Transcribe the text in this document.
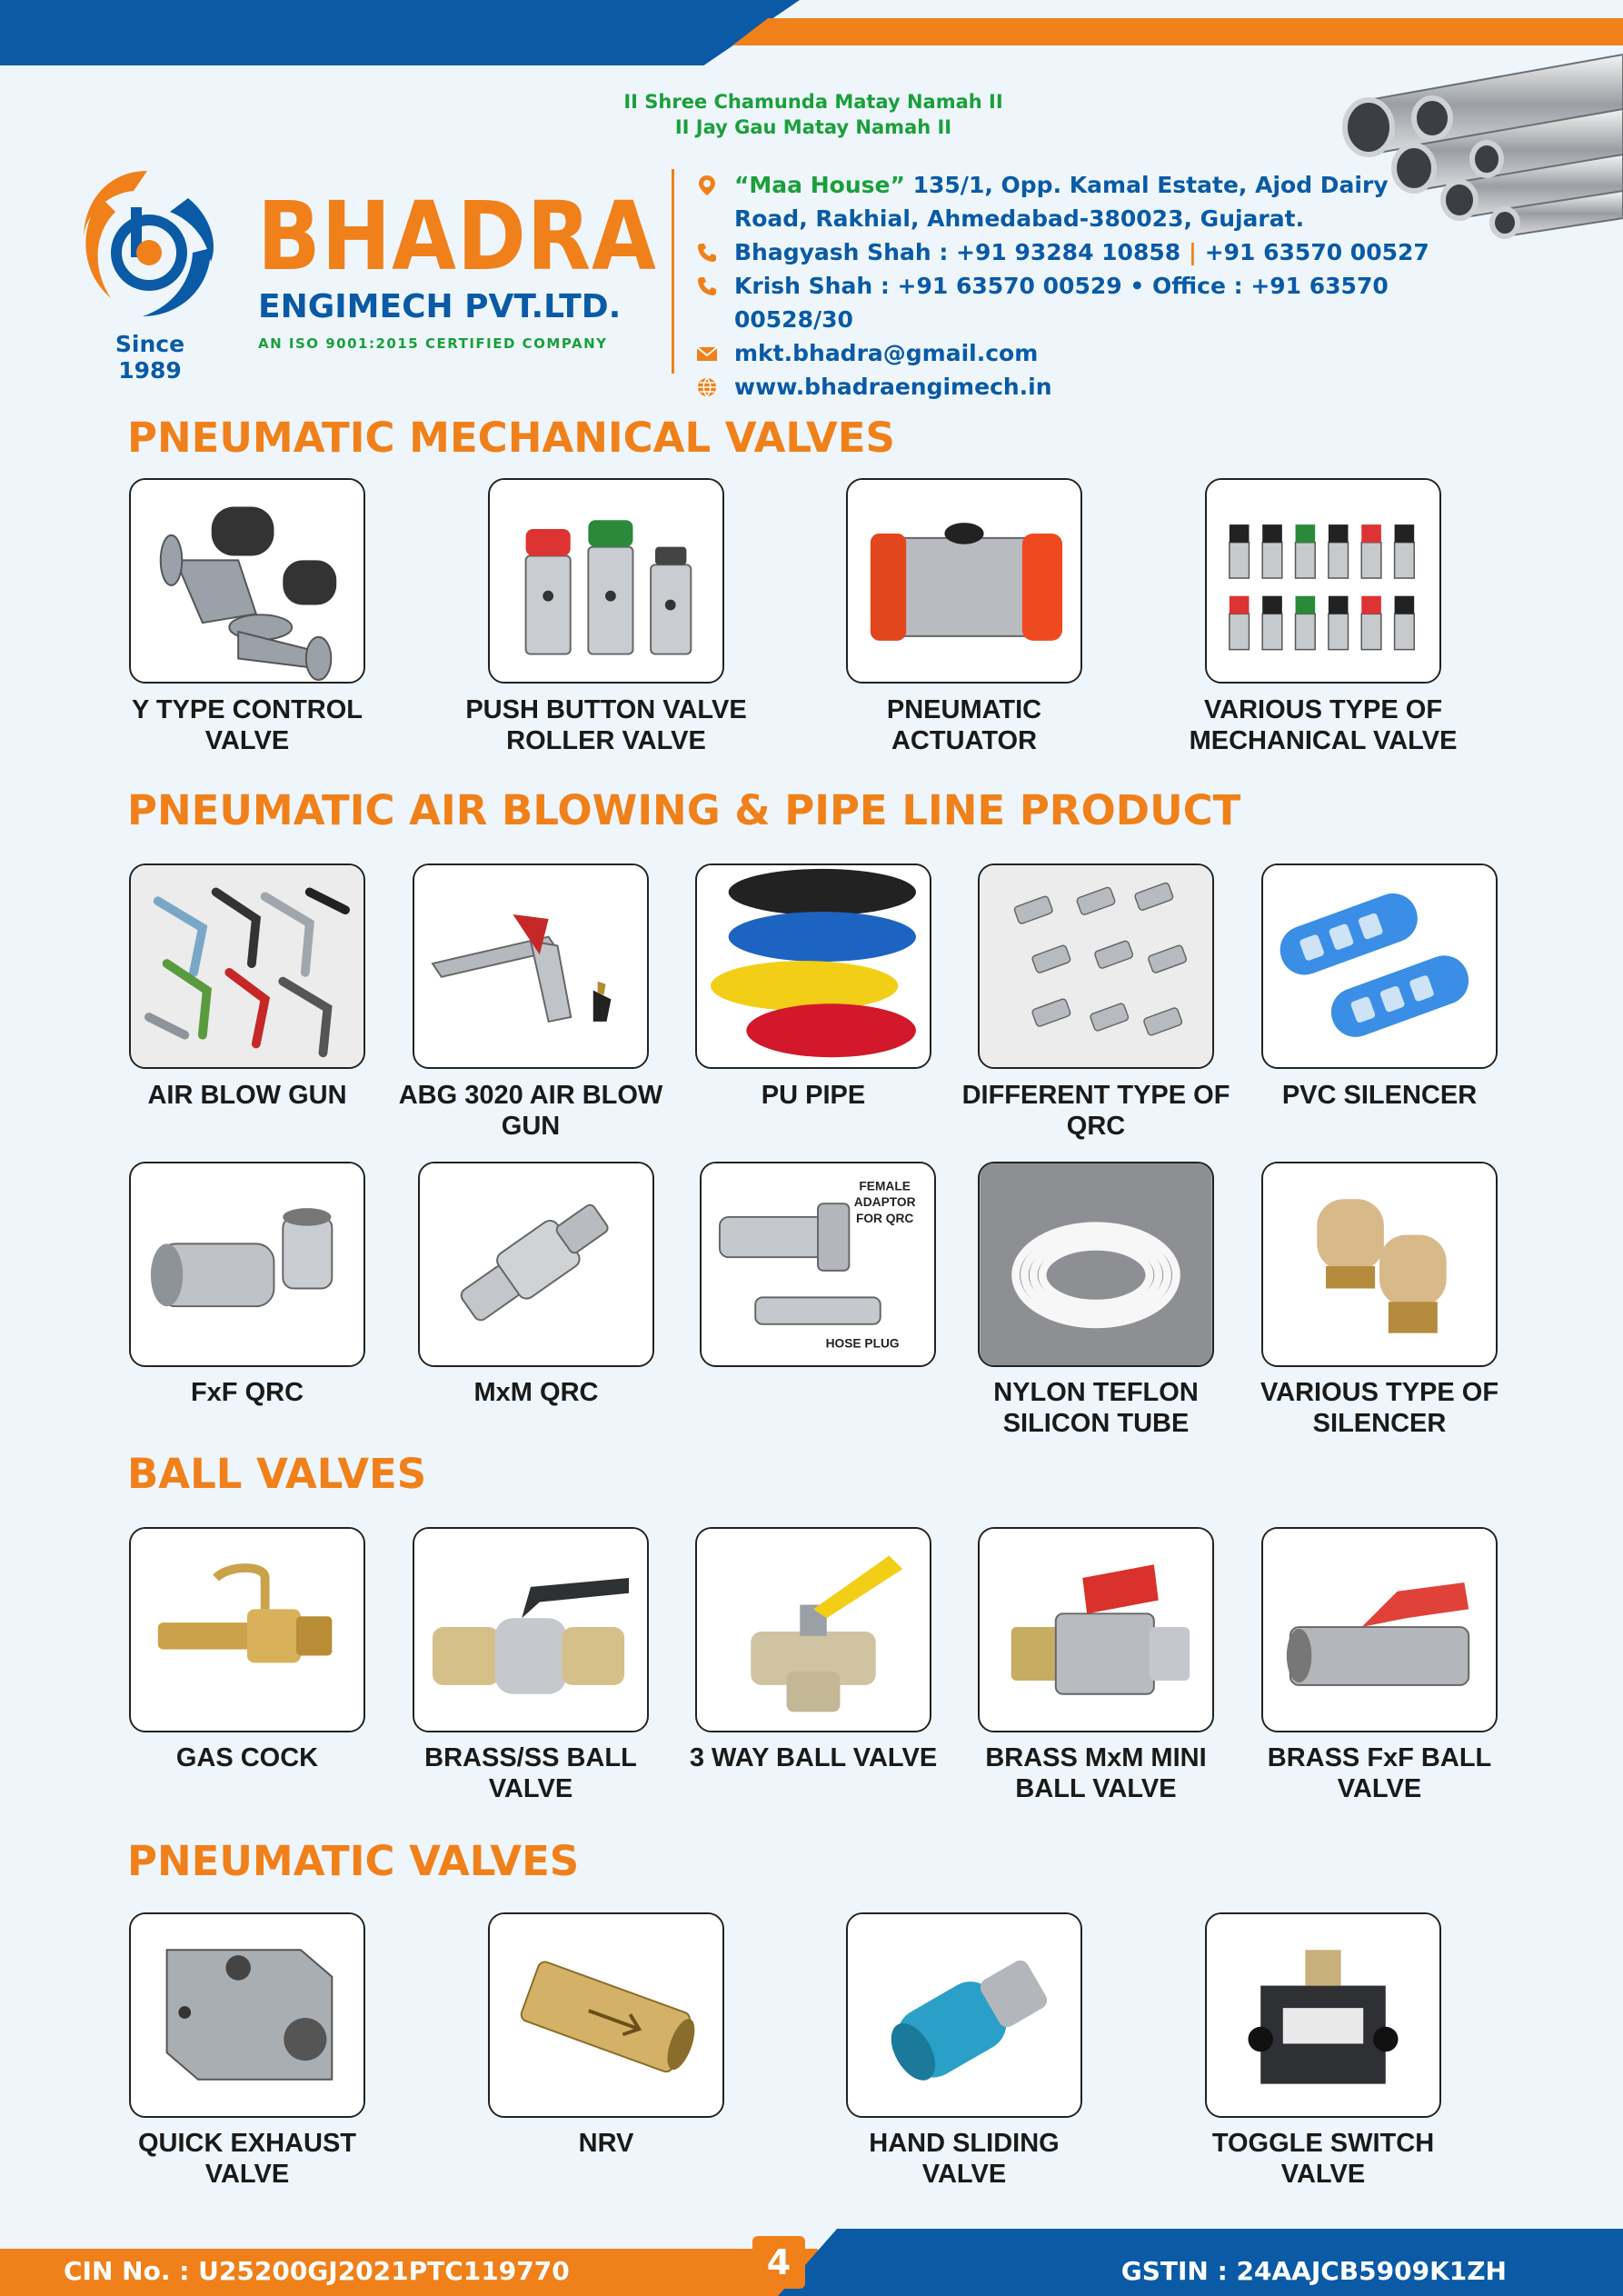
II Shree Chamunda Matay Namah II
II Jay Gau Matay Namah II
Since 1989
BHADRA
ENGIMECH PVT.LTD.
AN ISO 9001:2015 CERTIFIED COMPANY
“Maa House” 135/1, Opp. Kamal Estate, Ajod Dairy
Road, Rakhial, Ahmedabad-380023, Gujarat.
Bhagyash Shah : +91 93284 10858 | +91 63570 00527
Krish Shah : +91 63570 00529 • Office : +91 63570 00528/30
mkt.bhadra@gmail.com
www.bhadraengimech.in
PNEUMATIC MECHANICAL VALVES
Y TYPE CONTROL
VALVE
PUSH BUTTON VALVE
ROLLER VALVE
PNEUMATIC
ACTUATOR
VARIOUS TYPE OF
MECHANICAL VALVE
PNEUMATIC AIR BLOWING & PIPE LINE PRODUCT
AIR BLOW GUN	ABG 3020 AIR BLOW
GUN
PU PIPE	DIFFERENT TYPE OF
QRC
PVC SILENCER
FEMALE
ADAPTOR
FOR QRC
HOSE PLUG
FxF QRC	MxM QRC	NYLON TEFLON
SILICON TUBE
VARIOUS TYPE OF
SILENCER
BALL VALVES
GAS COCK	BRASS/SS BALL
VALVE
3 WAY BALL VALVE	BRASS MxM MINI
BALL VALVE
BRASS FxF BALL
VALVE
PNEUMATIC VALVES
QUICK EXHAUST
VALVE
NRV	HAND SLIDING
VALVE
TOGGLE SWITCH
VALVE
CIN No. : U25200GJ2021PTC119770	4	GSTIN : 24AAJCB5909K1ZH
